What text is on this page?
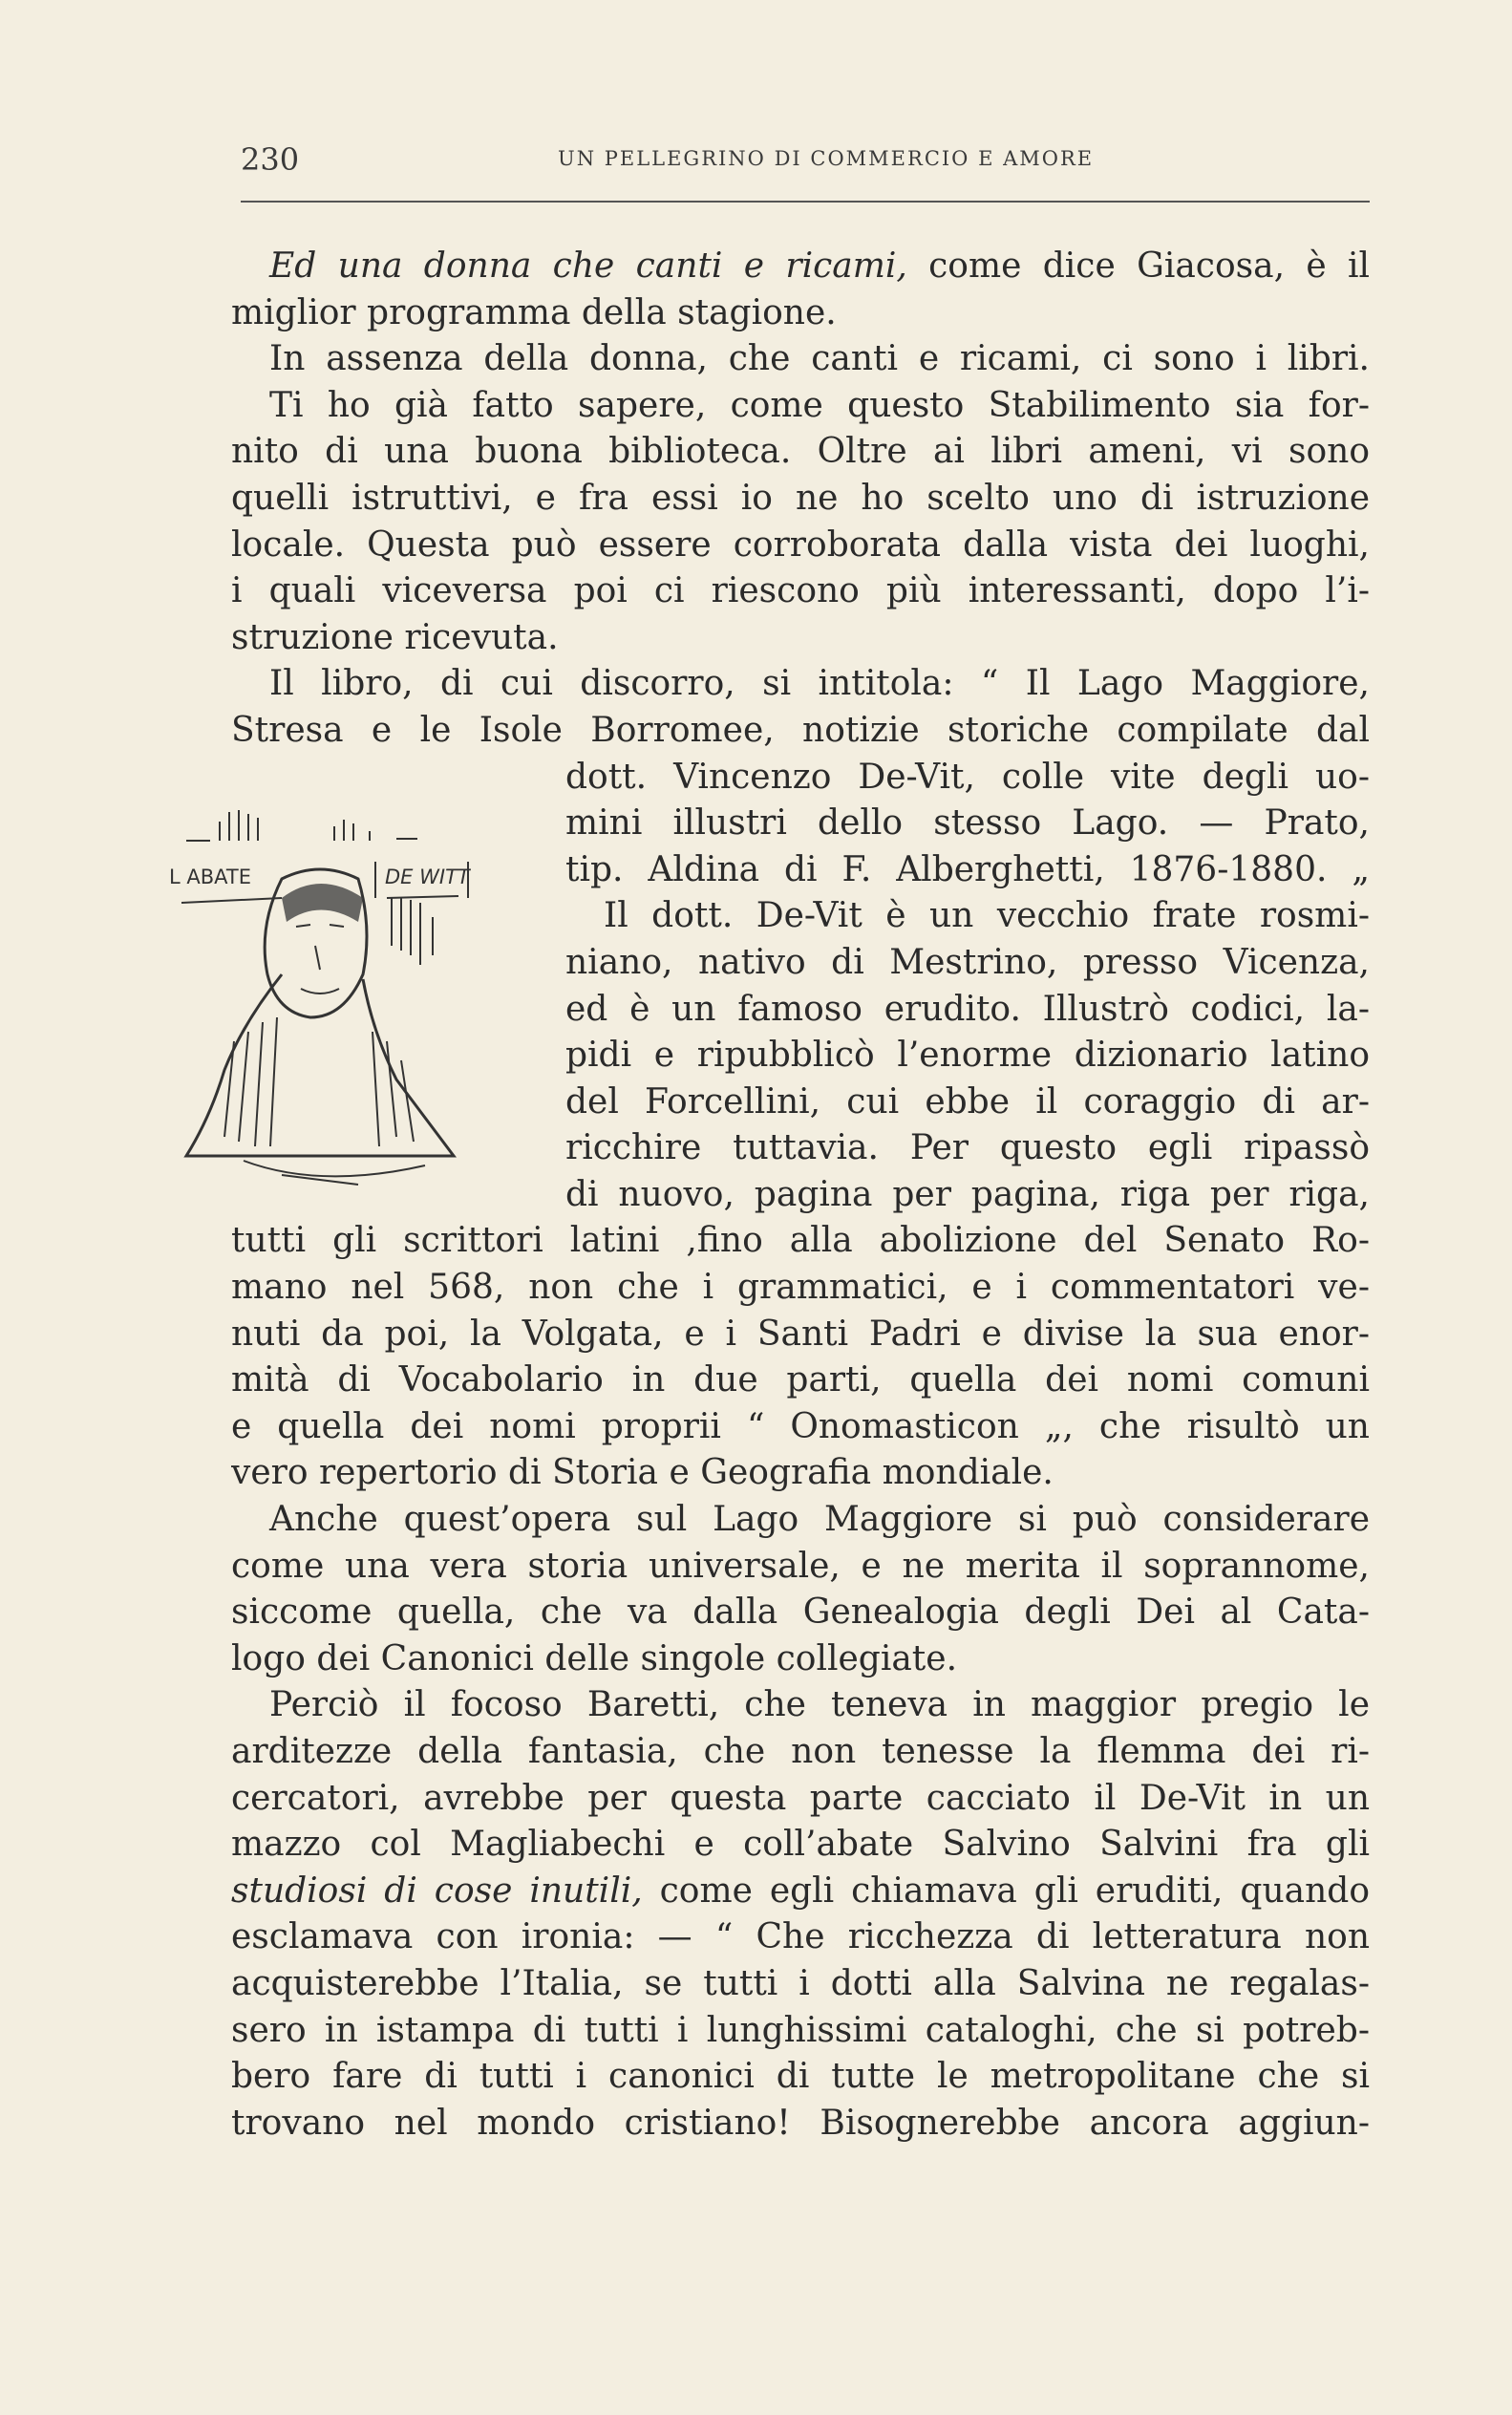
230	UN PELLEGRINO DI COMMERCIO E AMORE
L ABATE	DE WITT
Ed una donna che canti e ricami, come dice Giacosa, è il
miglior programma della stagione.
In assenza della donna, che canti e ricami, ci sono i libri.
Ti ho già fatto sapere, come questo Stabilimento sia for-
nito di una buona biblioteca. Oltre ai libri ameni, vi sono
quelli istruttivi, e fra essi io ne ho scelto uno di istruzione
locale. Questa può essere corroborata dalla vista dei luoghi,
i quali viceversa poi ci riescono più interessanti, dopo l’i-
struzione ricevuta.
Il libro, di cui discorro, si intitola: “ Il Lago Maggiore,
Stresa e le Isole Borromee, notizie storiche compilate dal
dott. Vincenzo De-Vit, colle vite degli uo-
mini illustri dello stesso Lago. — Prato,
tip. Aldina di F. Alberghetti, 1876-1880. „
Il dott. De-Vit è un vecchio frate rosmi-
niano, nativo di Mestrino, presso Vicenza,
ed è un famoso erudito. Illustrò codici, la-
pidi e ripubblicò l’enorme dizionario latino
del Forcellini, cui ebbe il coraggio di ar-
ricchire tuttavia. Per questo egli ripassò
di nuovo, pagina per pagina, riga per riga,
tutti gli scrittori latini ,fino alla abolizione del Senato Ro-
mano nel 568, non che i grammatici, e i commentatori ve-
nuti da poi, la Volgata, e i Santi Padri e divise la sua enor-
mità di Vocabolario in due parti, quella dei nomi comuni
e quella dei nomi proprii “ Onomasticon „, che risultò un
vero repertorio di Storia e Geografia mondiale.
Anche quest’opera sul Lago Maggiore si può considerare
come una vera storia universale, e ne merita il soprannome,
siccome quella, che va dalla Genealogia degli Dei al Cata-
logo dei Canonici delle singole collegiate.
Perciò il focoso Baretti, che teneva in maggior pregio le
arditezze della fantasia, che non tenesse la flemma dei ri-
cercatori, avrebbe per questa parte cacciato il De-Vit in un
mazzo col Magliabechi e coll’abate Salvino Salvini fra gli
studiosi di cose inutili, come egli chiamava gli eruditi, quando
esclamava con ironia: — “ Che ricchezza di letteratura non
acquisterebbe l’Italia, se tutti i dotti alla Salvina ne regalas-
sero in istampa di tutti i lunghissimi cataloghi, che si potreb-
bero fare di tutti i canonici di tutte le metropolitane che si
trovano nel mondo cristiano! Bisognerebbe ancora aggiun-
